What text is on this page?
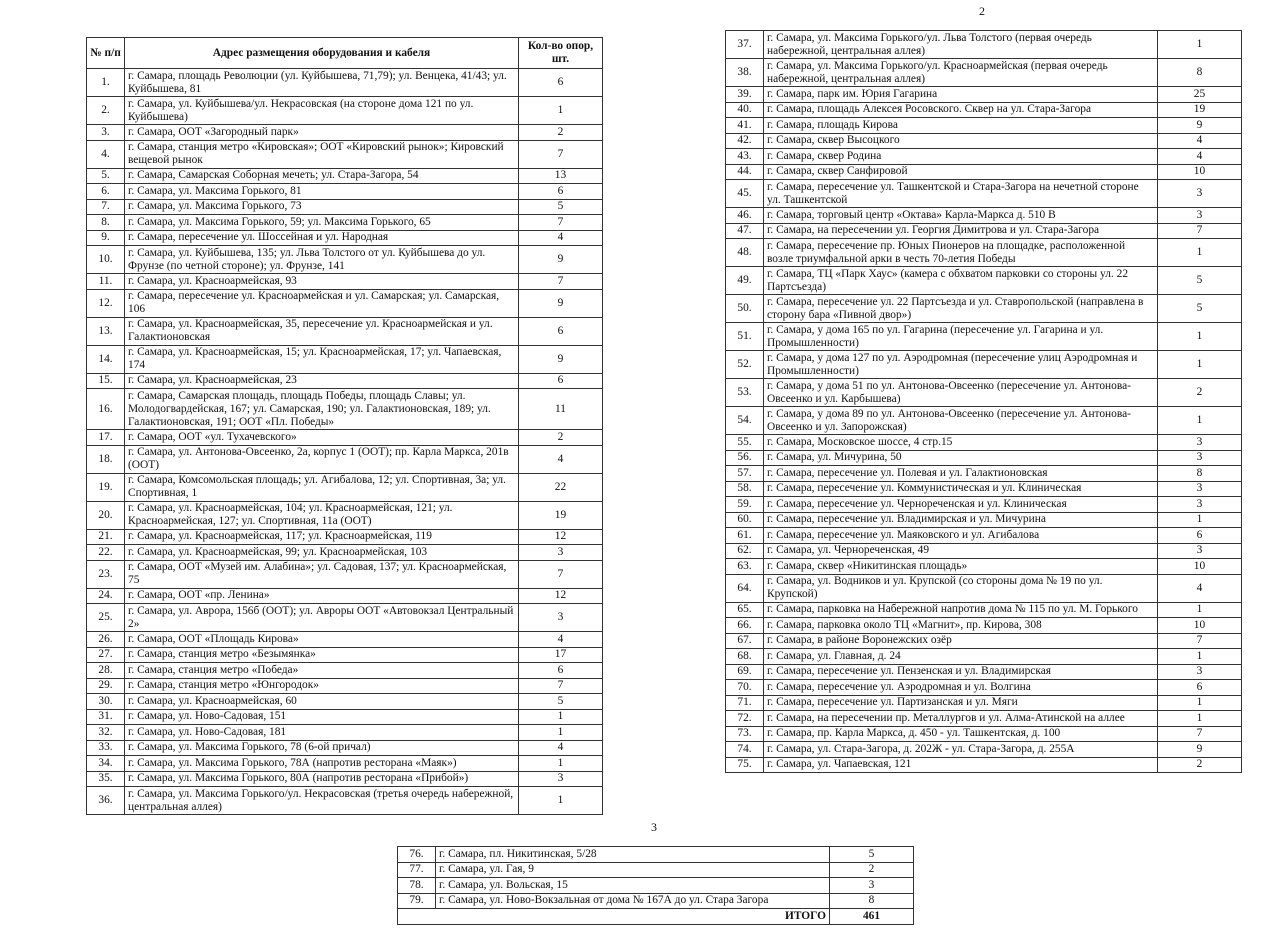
2
3
№ п/п	Адрес размещения оборудования и кабеля	Кол-во опор, шт.
1.	г. Самара, площадь Революции (ул. Куйбышева, 71,79); ул. Венцека, 41/43; ул. Куйбышева, 81	6
2.	г. Самара, ул. Куйбышева/ул. Некрасовская (на стороне дома 121 по ул. Куйбышева)	1
3.	г. Самара, ООТ «Загородный парк»	2
4.	г. Самара, станция метро «Кировская»; ООТ «Кировский рынок»; Кировский вещевой рынок	7
5.	г. Самара, Самарская Соборная мечеть; ул. Стара-Загора, 54	13
6.	г. Самара, ул. Максима Горького, 81	6
7.	г. Самара, ул. Максима Горького, 73	5
8.	г. Самара, ул. Максима Горького, 59; ул. Максима Горького, 65	7
9.	г. Самара, пересечение ул. Шоссейная и ул. Народная	4
10.	г. Самара, ул. Куйбышева, 135; ул. Льва Толстого от ул. Куйбышева до ул. Фрунзе (по четной стороне); ул. Фрунзе, 141	9
11.	г. Самара, ул. Красноармейская, 93	7
12.	г. Самара, пересечение ул. Красноармейская и ул. Самарская; ул. Самарская, 106	9
13.	г. Самара, ул. Красноармейская, 35, пересечение ул. Красноармейская и ул. Галактионовская	6
14.	г. Самара, ул. Красноармейская, 15; ул. Красноармейская, 17; ул. Чапаевская, 174	9
15.	г. Самара, ул. Красноармейская, 23	6
16.	г. Самара, Самарская площадь, площадь Победы, площадь Славы; ул. Молодогвардейская, 167; ул. Самарская, 190; ул. Галактионовская, 189; ул. Галактионовская, 191; ООТ «Пл. Победы»	11
17.	г. Самара, ООТ «ул. Тухачевского»	2
18.	г. Самара, ул. Антонова-Овсеенко, 2а, корпус 1 (ООТ); пр. Карла Маркса, 201в (ООТ)	4
19.	г. Самара, Комсомольская площадь; ул. Агибалова, 12; ул. Спортивная, 3а; ул. Спортивная, 1	22
20.	г. Самара, ул. Красноармейская, 104; ул. Красноармейская, 121; ул. Красноармейская, 127; ул. Спортивная, 11а (ООТ)	19
21.	г. Самара, ул. Красноармейская, 117; ул. Красноармейская, 119	12
22.	г. Самара, ул. Красноармейская, 99; ул. Красноармейская, 103	3
23.	г. Самара, ООТ «Музей им. Алабина»; ул. Садовая, 137; ул. Красноармейская, 75	7
24.	г. Самара, ООТ «пр. Ленина»	12
25.	г. Самара, ул. Аврора, 156б (ООТ); ул. Авроры ООТ «Автовокзал Центральный 2»	3
26.	г. Самара, ООТ «Площадь Кирова»	4
27.	г. Самара, станция метро «Безымянка»	17
28.	г. Самара, станция метро «Победа»	6
29.	г. Самара, станция метро «Юнгородок»	7
30.	г. Самара, ул. Красноармейская, 60	5
31.	г. Самара, ул. Ново-Садовая, 151	1
32.	г. Самара, ул. Ново-Садовая, 181	1
33.	г. Самара, ул. Максима Горького, 78 (6-ой причал)	4
34.	г. Самара, ул. Максима Горького, 78А (напротив ресторана «Маяк»)	1
35.	г. Самара, ул. Максима Горького, 80А (напротив ресторана «Прибой»)	3
36.	г. Самара, ул. Максима Горького/ул. Некрасовская (третья очередь набережной, центральная аллея)	1
37.	г. Самара, ул. Максима Горького/ул. Льва Толстого (первая очередь набережной, центральная аллея)	1
38.	г. Самара, ул. Максима Горького/ул. Красноармейская (первая очередь набережной, центральная аллея)	8
39.	г. Самара, парк им. Юрия Гагарина	25
40.	г. Самара, площадь Алексея Росовского. Сквер на ул. Стара-Загора	19
41.	г. Самара, площадь Кирова	9
42.	г. Самара, сквер Высоцкого	4
43.	г. Самара, сквер Родина	4
44.	г. Самара, сквер Санфировой	10
45.	г. Самара, пересечение ул. Ташкентской и Стара-Загора на нечетной стороне ул. Ташкентской	3
46.	г. Самара, торговый центр «Октава» Карла-Маркса д. 510 В	3
47.	г. Самара, на пересечении ул. Георгия Димитрова и ул. Стара-Загора	7
48.	г. Самара, пересечение пр. Юных Пионеров на площадке, расположенной возле триумфальной арки в честь 70-летия Победы	1
49.	г. Самара, ТЦ «Парк Хаус» (камера с обхватом парковки со стороны ул. 22 Партсъезда)	5
50.	г. Самара, пересечение ул. 22 Партсъезда и ул. Ставропольской (направлена в сторону бара «Пивной двор»)	5
51.	г. Самара, у дома 165 по ул. Гагарина (пересечение ул. Гагарина и ул. Промышленности)	1
52.	г. Самара, у дома 127 по ул. Аэродромная (пересечение улиц Аэродромная и Промышленности)	1
53.	г. Самара, у дома 51 по ул. Антонова-Овсеенко (пересечение ул. Антонова-Овсеенко и ул. Карбышева)	2
54.	г. Самара, у дома 89 по ул. Антонова-Овсеенко (пересечение ул. Антонова-Овсеенко и ул. Запорожская)	1
55.	г. Самара, Московское шоссе, 4 стр.15	3
56.	г. Самара, ул. Мичурина, 50	3
57.	г. Самара, пересечение ул. Полевая и ул. Галактионовская	8
58.	г. Самара, пересечение ул. Коммунистическая и ул. Клиническая	3
59.	г. Самара, пересечение ул. Чернореченская и ул. Клиническая	3
60.	г. Самара, пересечение ул. Владимирская и ул. Мичурина	1
61.	г. Самара, пересечение ул. Маяковского и ул. Агибалова	6
62.	г. Самара, ул. Чернореченская, 49	3
63.	г. Самара, сквер «Никитинская площадь»	10
64.	г. Самара, ул. Водников и ул. Крупской (со стороны дома № 19 по ул. Крупской)	4
65.	г. Самара, парковка на Набережной напротив дома № 115 по ул. М. Горького	1
66.	г. Самара, парковка около ТЦ «Магнит», пр. Кирова, 308	10
67.	г. Самара, в районе Воронежских озёр	7
68.	г. Самара, ул. Главная, д. 24	1
69.	г. Самара, пересечение ул. Пензенская и ул. Владимирская	3
70.	г. Самара, пересечение ул. Аэродромная и ул. Волгина	6
71.	г. Самара, пересечение ул. Партизанская и ул. Мяги	1
72.	г. Самара, на пересечении пр. Металлургов и ул. Алма-Атинской на аллее	1
73.	г. Самара, пр. Карла Маркса, д. 450 - ул. Ташкентская, д. 100	7
74.	г. Самара, ул. Стара-Загора, д. 202Ж - ул. Стара-Загора, д. 255А	9
75.	г. Самара, ул. Чапаевская, 121	2
76.	г. Самара, пл. Никитинская, 5/28	5
77.	г. Самара, ул. Гая, 9	2
78.	г. Самара, ул. Вольская, 15	3
79.	г. Самара, ул. Ново-Вокзальная от дома № 167А до ул. Стара Загора	8
ИТОГО		461
